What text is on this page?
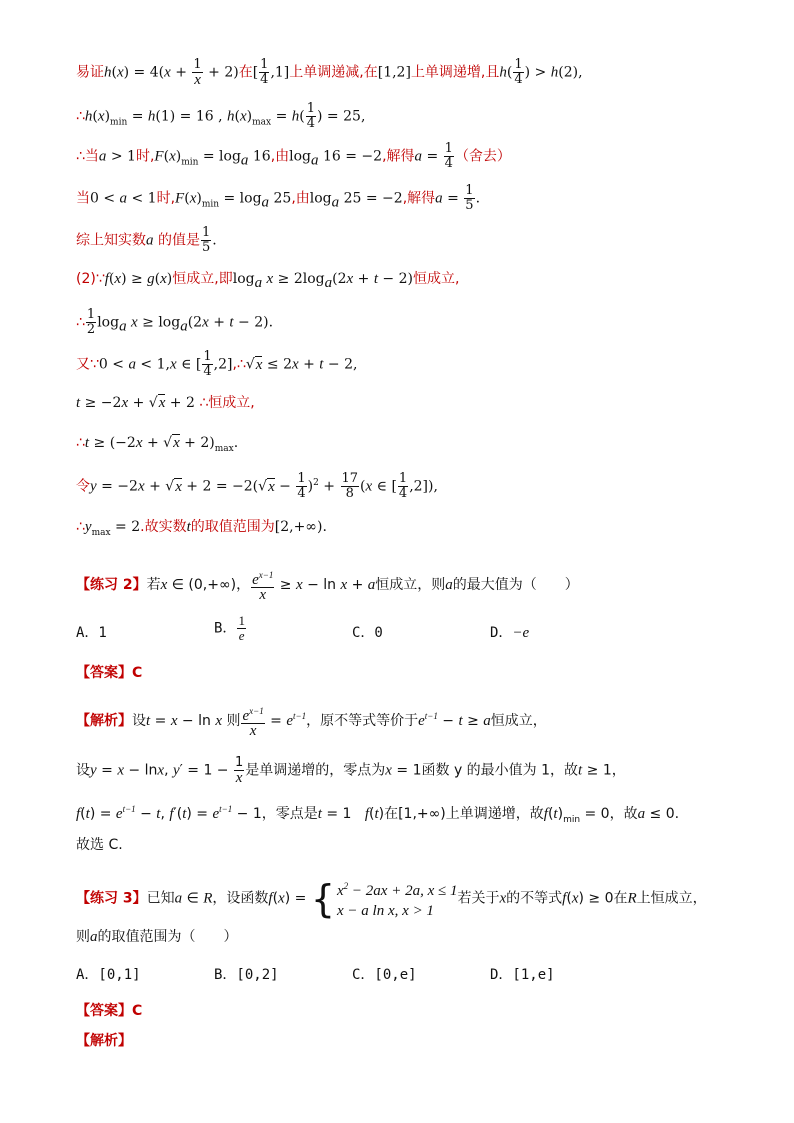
易证$h(x) = 4(x + \frac{1}{x} + 2)$在[ $\frac{1}{4} ,1$]上单调递减,在[1,2]上单调递增,且$h( \frac{1}{4}$ ) > h(2),
$\therefore h(x)_{min} = h(1) = 16$ , $h(x)_{max} = h( \frac{1}{4}$ ) = 25,
∴当a > 1时$,F(x)_{min} = \log_a 16$,由$\log_a 16 = -2$,解得$a = \frac{1}{4}$ （舍去）
当0 < a < 1时$,F(x)_{min} = \log_a 25$,由$\log_a 25 = -2$,解得$a = \frac{1}{5}$ .
综上知实数a 的值是 $\frac{1}{5}$ .
(2)∵f(x) ≥ g(x)恒成立,即$\log_a x \ge 2\log_a(2x + t - 2)$恒成立,
∴ $\frac{1}{2} \log_a x \ge \log_a(2x + t - 2)$.
又∵0 < a < 1,x ∈ [ $\frac{1}{4}$ ,2],∴√x ≤ 2x + t − 2,
t ≥ −2x + √x + 2 ∴恒成立,
∴t ≥ $(-2x + √x + 2)_{max}$.
令$y = -2x + √x + 2 = -2(√x - \frac{1}{4} )^2 + \frac{17}{8} (x$ ∈ [ $\frac{1}{4} ,2$]),
$\therefore y_{max} = 2$.故实数t的取值范围为[2,+∞).
【练习 2】若x ∈ (0,+∞)， $\frac{e^{x-1}}{x} \ge x - \ln x + a$恒成立，则a的最大值为（　　）
A．1	B． $\frac{1}{e}$	C．0	D．−e
【答案】C
【解析】设t = x − ln x 则 $\frac{e^{x-1}}{x} = e^{t-1}$，原不等式等价于$e^{t-1} - t \ge a$恒成立，
设y = x − lnx, $y' = 1 - \frac{1}{x}$ 是单调递增的，零点为x = 1函数 y 的最小值为 1，故t ≥ 1，
$f(t) = e^{t-1} - t$, $f'(t) = e^{t-1} - 1$，零点是t = 1   f(t)在[1,+∞)上单调递增，故$f(t)_{min} = 0$，故a ≤ 0.
故选 C.
【练习 3】已知a ∈ R，设函数f(x) = { $x^2 - 2ax + 2a$, x ≤ 1
x − a ln x, x > 1
若关于x的不等式f(x) ≥ 0在R上恒成立，
则a的取值范围为（　　）
A．[0,1]	B．[0,2]	C．[0,e]	D．[1,e]
【答案】C
【解析】
